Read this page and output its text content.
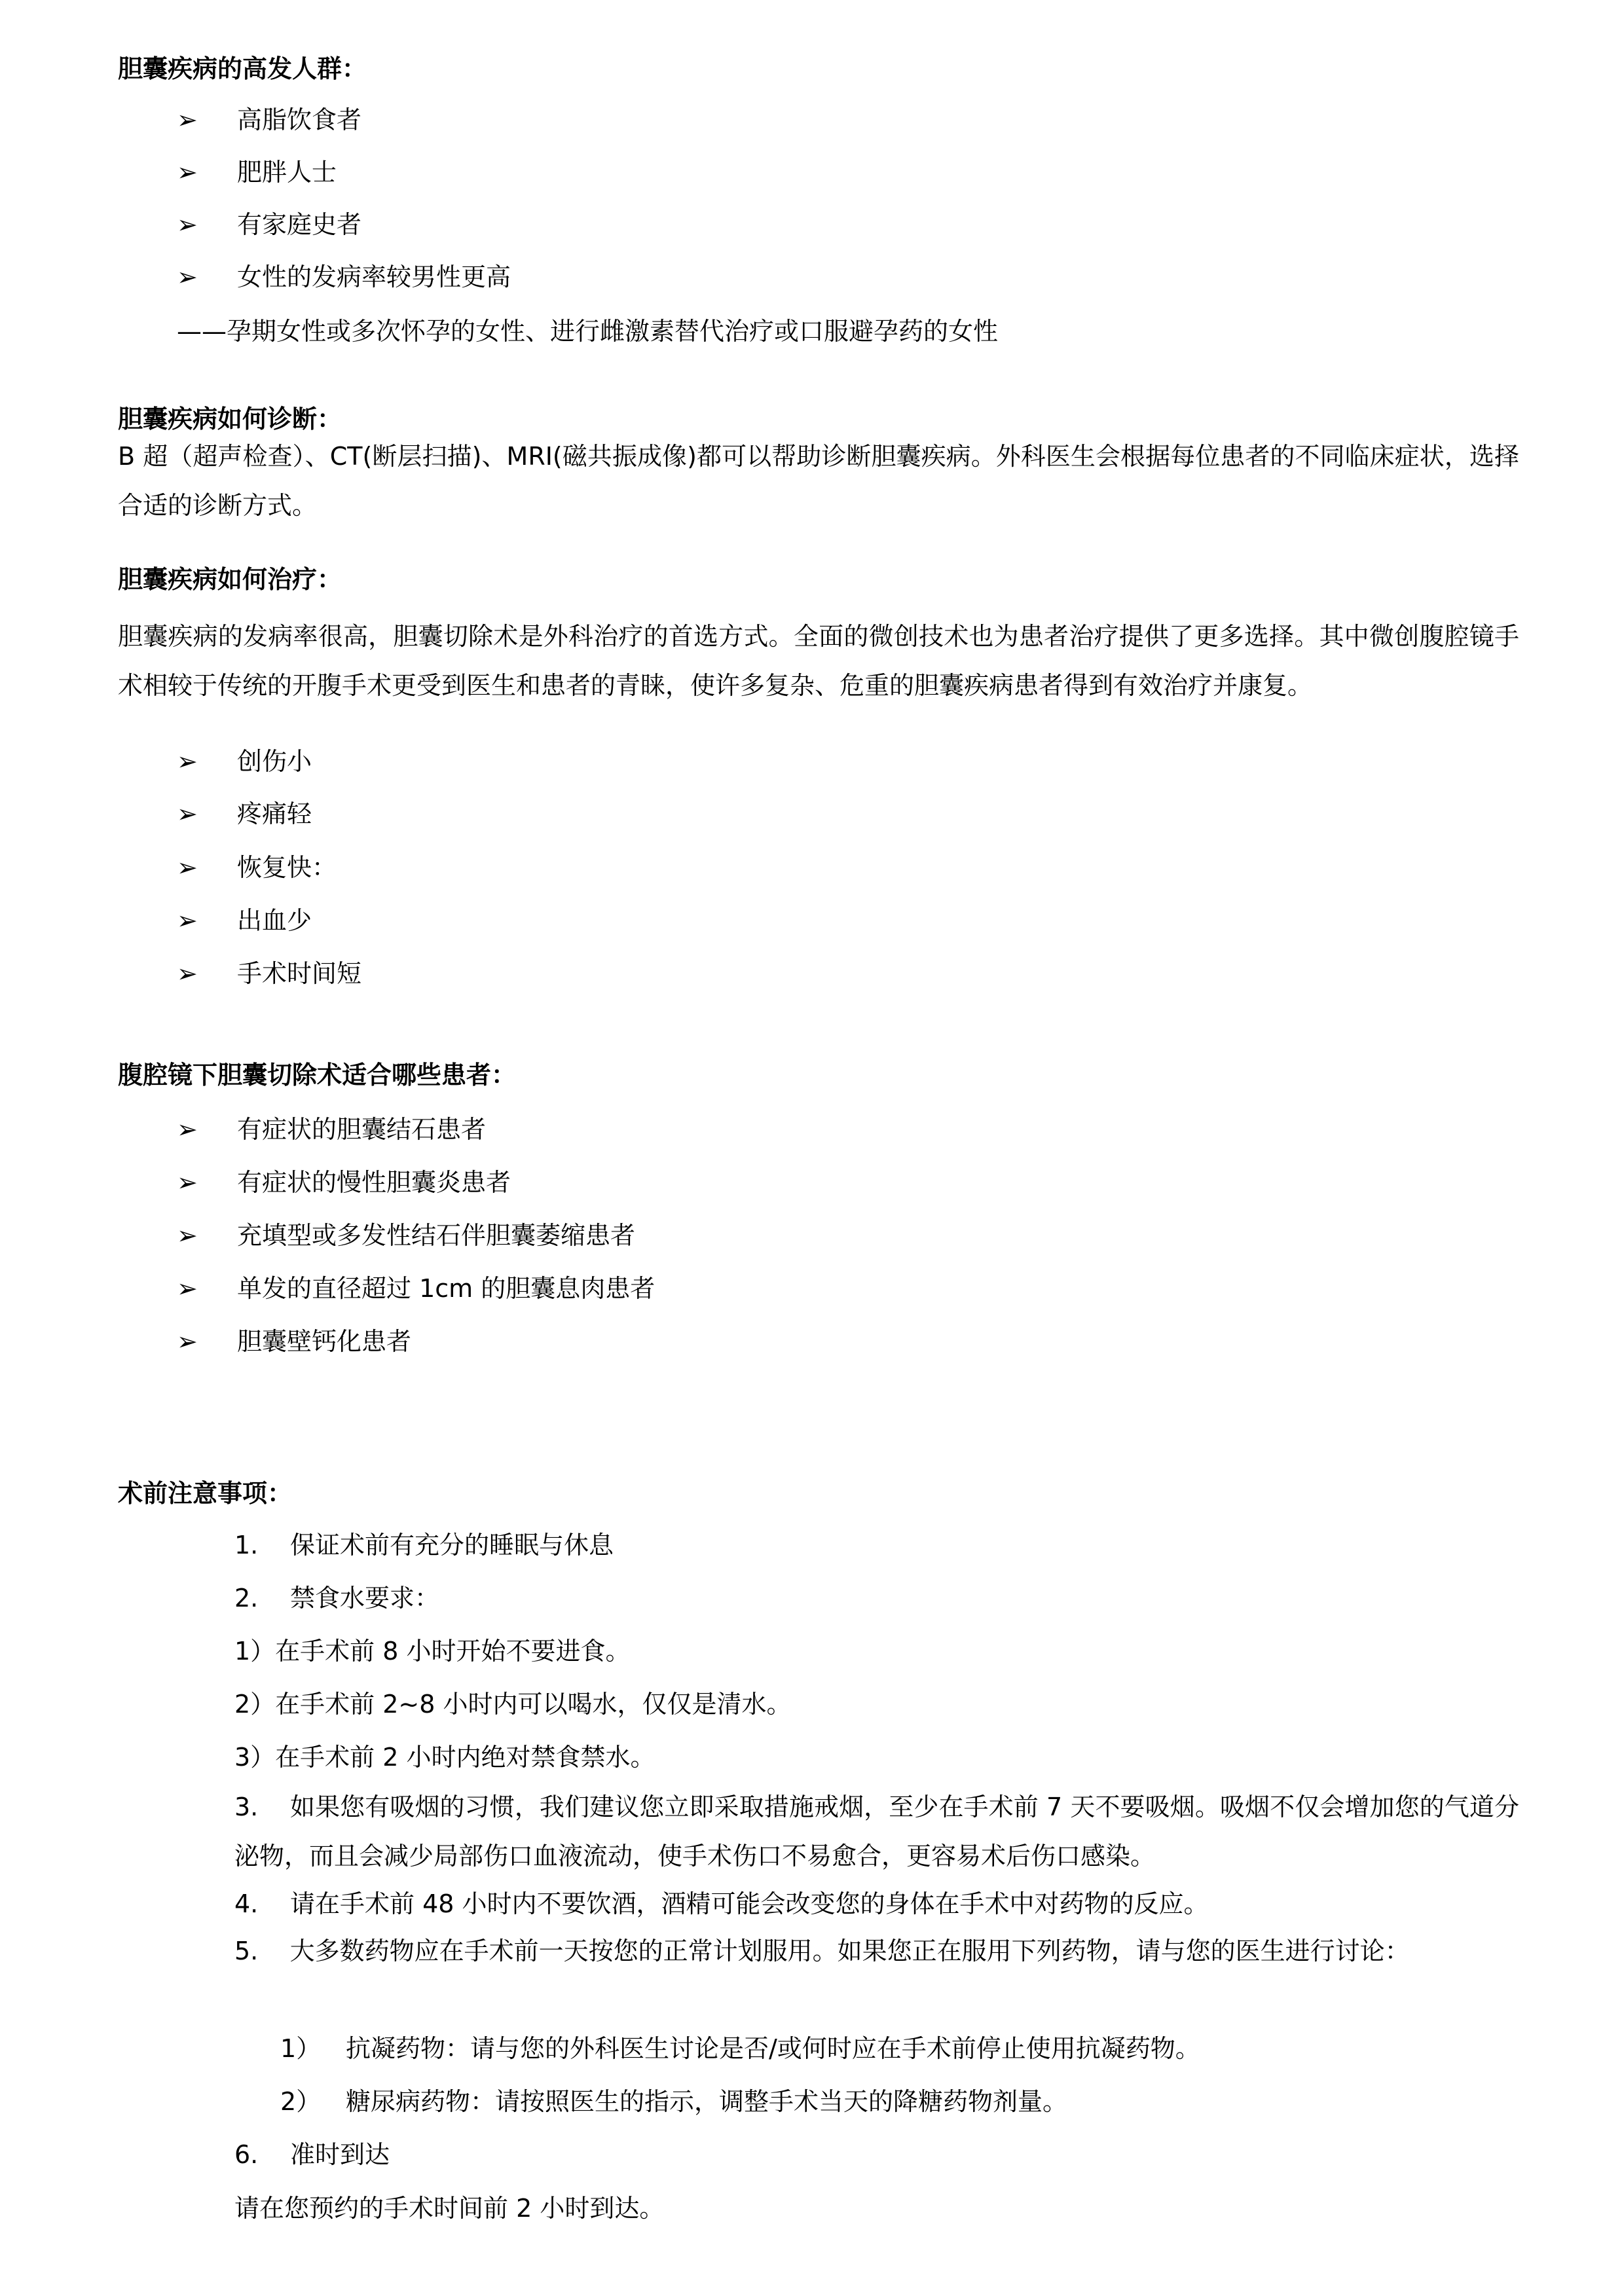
胆囊疾病的高发人群：
➢ 高脂饮食者
➢ 肥胖人士
➢ 有家庭史者
➢ 女性的发病率较男性更高
——孕期女性或多次怀孕的女性、进行雌激素替代治疗或口服避孕药的女性
胆囊疾病如何诊断：
B 超（超声检查）、CT(断层扫描)、MRI(磁共振成像)都可以帮助诊断胆囊疾病。外科医生会根据每位患者的不同临床症状，选择合适的诊断方式。
胆囊疾病如何治疗：
胆囊疾病的发病率很高，胆囊切除术是外科治疗的首选方式。全面的微创技术也为患者治疗提供了更多选择。其中微创腹腔镜手术相较于传统的开腹手术更受到医生和患者的青睐，使许多复杂、危重的胆囊疾病患者得到有效治疗并康复。
➢ 创伤小
➢ 疼痛轻
➢ 恢复快：
➢ 出血少
➢ 手术时间短
腹腔镜下胆囊切除术适合哪些患者：
➢ 有症状的胆囊结石患者
➢ 有症状的慢性胆囊炎患者
➢ 充填型或多发性结石伴胆囊萎缩患者
➢ 单发的直径超过 1cm 的胆囊息肉患者
➢ 胆囊壁钙化患者
术前注意事项：
1.	保证术前有充分的睡眠与休息
2.	禁食水要求：
1）在手术前 8 小时开始不要进食。
2）在手术前 2~8 小时内可以喝水，仅仅是清水。
3）在手术前 2 小时内绝对禁食禁水。
3. 如果您有吸烟的习惯，我们建议您立即采取措施戒烟，至少在手术前 7 天不要吸烟。吸烟不仅会增加您的气道分泌物，而且会减少局部伤口血液流动，使手术伤口不易愈合，更容易术后伤口感染。
4.	请在手术前 48 小时内不要饮酒，酒精可能会改变您的身体在手术中对药物的反应。
5. 大多数药物应在手术前一天按您的正常计划服用。如果您正在服用下列药物，请与您的医生进行讨论：
1） 抗凝药物：请与您的外科医生讨论是否/或何时应在手术前停止使用抗凝药物。
2） 糖尿病药物：请按照医生的指示，调整手术当天的降糖药物剂量。
6.	准时到达
请在您预约的手术时间前 2 小时到达。
